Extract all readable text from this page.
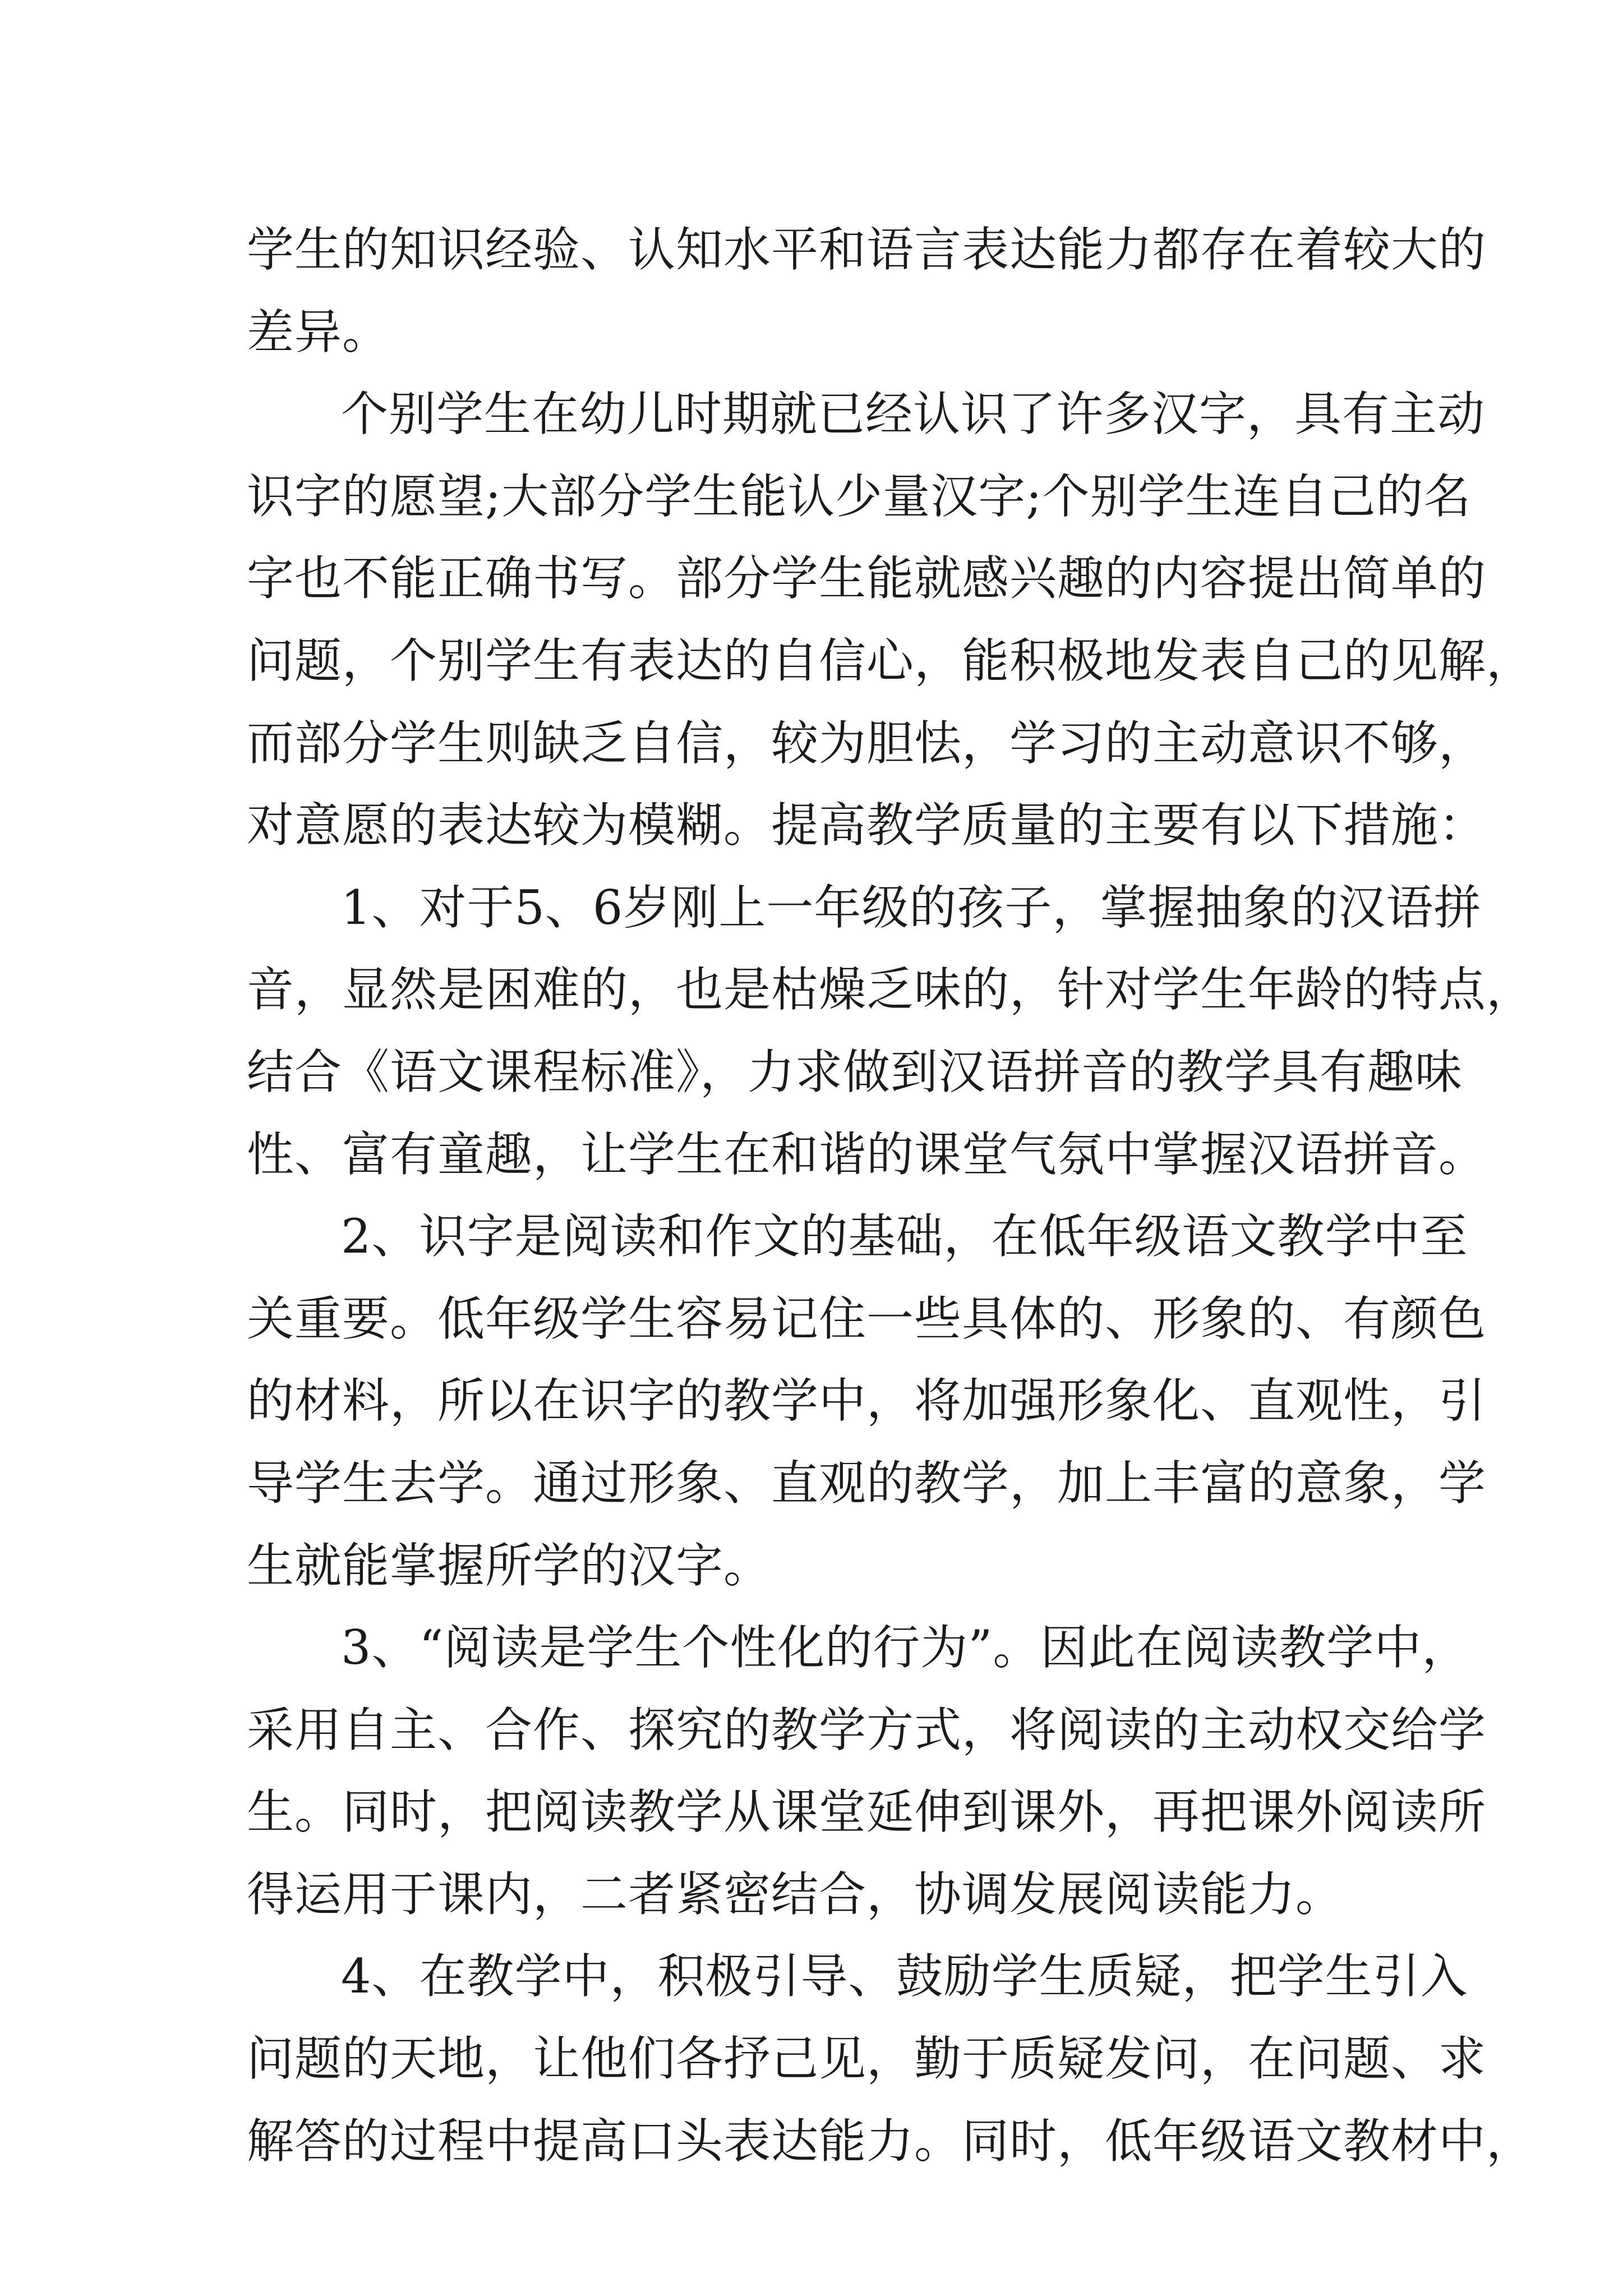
学生的知识经验、认知水平和语言表达能力都存在着较大的
差异。
个别学生在幼儿时期就已经认识了许多汉字，具有主动
识字的愿望;大部分学生能认少量汉字;个别学生连自己的名
字也不能正确书写。部分学生能就感兴趣的内容提出简单的
问题，个别学生有表达的自信心，能积极地发表自己的见解，
而部分学生则缺乏自信，较为胆怯，学习的主动意识不够，
对意愿的表达较为模糊。提高教学质量的主要有以下措施：
1、对于5、6岁刚上一年级的孩子，掌握抽象的汉语拼
音，显然是困难的，也是枯燥乏味的，针对学生年龄的特点，
结合《语文课程标准》，力求做到汉语拼音的教学具有趣味
性、富有童趣，让学生在和谐的课堂气氛中掌握汉语拼音。
2、识字是阅读和作文的基础，在低年级语文教学中至
关重要。低年级学生容易记住一些具体的、形象的、有颜色
的材料，所以在识字的教学中，将加强形象化、直观性，引
导学生去学。通过形象、直观的教学，加上丰富的意象，学
生就能掌握所学的汉字。
3、“阅读是学生个性化的行为”。因此在阅读教学中，
采用自主、合作、探究的教学方式，将阅读的主动权交给学
生。同时，把阅读教学从课堂延伸到课外，再把课外阅读所
得运用于课内，二者紧密结合，协调发展阅读能力。
4、在教学中，积极引导、鼓励学生质疑，把学生引入
问题的天地，让他们各抒己见，勤于质疑发问，在问题、求
解答的过程中提高口头表达能力。同时，低年级语文教材中，
